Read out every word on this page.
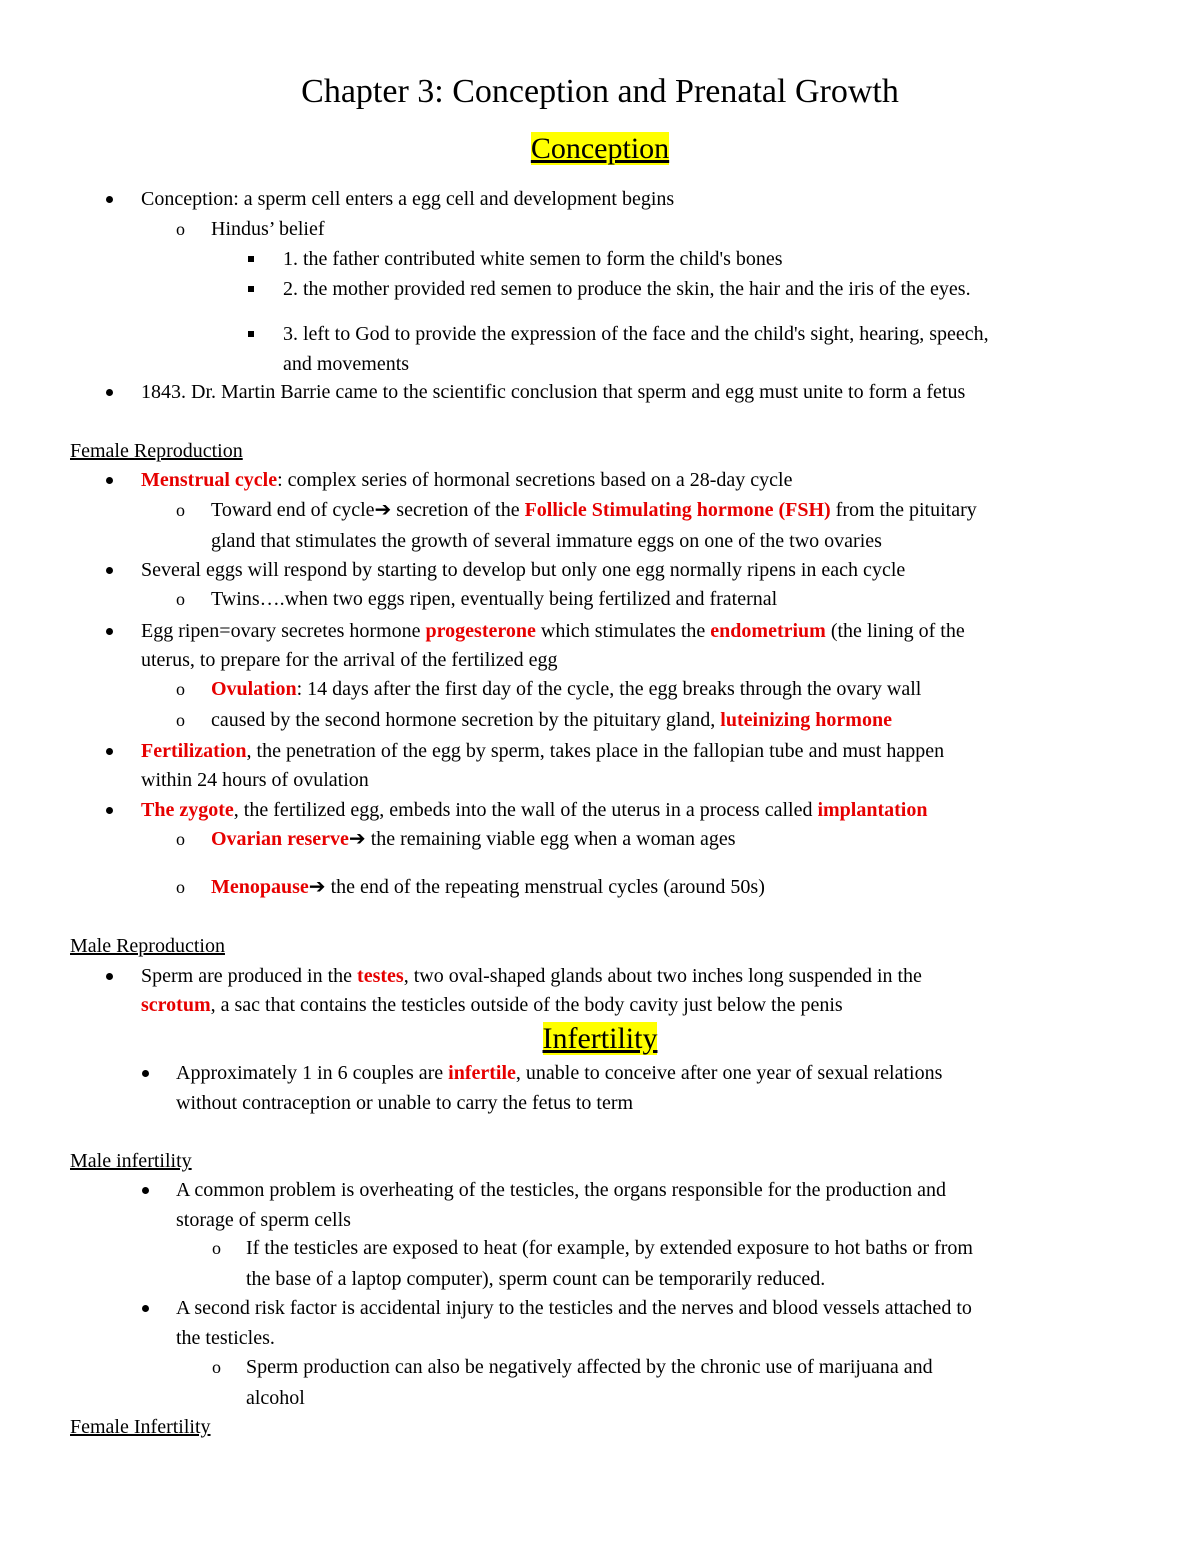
Chapter 3: Conception and Prenatal Growth
Conception
Conception: a sperm cell enters a egg cell and development begins
o Hindus’ belief
1. the father contributed white semen to form the child's bones
2. the mother provided red semen to produce the skin, the hair and the iris of the eyes.
3. left to God to provide the expression of the face and the child's sight, hearing, speech,
and movements
1843. Dr. Martin Barrie came to the scientific conclusion that sperm and egg must unite to form a fetus
Female Reproduction
Menstrual cycle: complex series of hormonal secretions based on a 28-day cycle
o Toward end of cycle➔ secretion of the Follicle Stimulating hormone (FSH) from the pituitary
gland that stimulates the growth of several immature eggs on one of the two ovaries
Several eggs will respond by starting to develop but only one egg normally ripens in each cycle
o Twins….when two eggs ripen, eventually being fertilized and fraternal
Egg ripen=ovary secretes hormone progesterone which stimulates the endometrium (the lining of the
uterus, to prepare for the arrival of the fertilized egg
o Ovulation: 14 days after the first day of the cycle, the egg breaks through the ovary wall
o caused by the second hormone secretion by the pituitary gland, luteinizing hormone
Fertilization, the penetration of the egg by sperm, takes place in the fallopian tube and must happen
within 24 hours of ovulation
The zygote, the fertilized egg, embeds into the wall of the uterus in a process called implantation
o Ovarian reserve➔ the remaining viable egg when a woman ages
o Menopause➔ the end of the repeating menstrual cycles (around 50s)
Male Reproduction
Sperm are produced in the testes, two oval-shaped glands about two inches long suspended in the
scrotum, a sac that contains the testicles outside of the body cavity just below the penis
Infertility
Approximately 1 in 6 couples are infertile, unable to conceive after one year of sexual relations
without contraception or unable to carry the fetus to term
Male infertility
A common problem is overheating of the testicles, the organs responsible for the production and
storage of sperm cells
o If the testicles are exposed to heat (for example, by extended exposure to hot baths or from
the base of a laptop computer), sperm count can be temporarily reduced.
A second risk factor is accidental injury to the testicles and the nerves and blood vessels attached to
the testicles.
o Sperm production can also be negatively affected by the chronic use of marijuana and
alcohol
Female Infertility
